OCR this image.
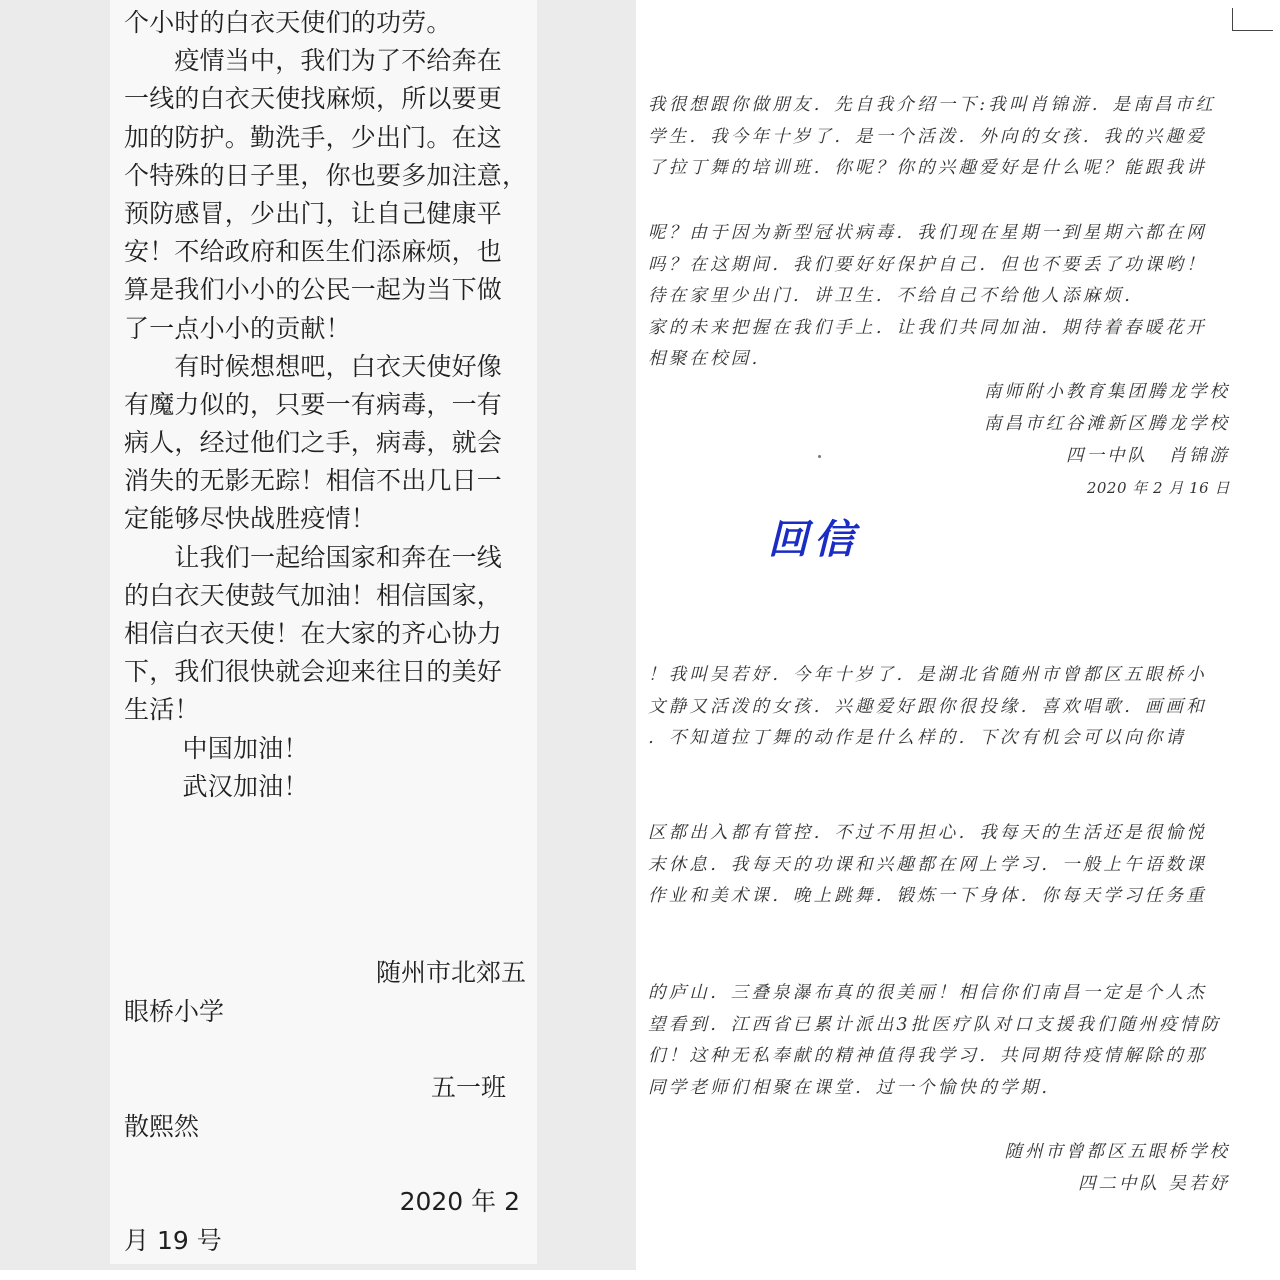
个小时的白衣天使们的功劳。
　　疫情当中，我们为了不给奔在
一线的白衣天使找麻烦，所以要更
加的防护。勤洗手，少出门。在这
个特殊的日子里，你也要多加注意，
预防感冒，少出门，让自己健康平
安！不给政府和医生们添麻烦，也
算是我们小小的公民一起为当下做
了一点小小的贡献！
　　有时候想想吧，白衣天使好像
有魔力似的，只要一有病毒，一有
病人，经过他们之手，病毒，就会
消失的无影无踪！相信不出几日一
定能够尽快战胜疫情！
　　让我们一起给国家和奔在一线
的白衣天使鼓气加油！相信国家，
相信白衣天使！在大家的齐心协力
下，我们很快就会迎来往日的美好
生活！
　　 中国加油！
　　 武汉加油！
随州市北郊五
眼桥小学
五一班
散熙然
2020 年 2
月 19 号
我很想跟你做朋友．先自我介绍一下:我叫肖锦游．是南昌市红
学生．我今年十岁了．是一个活泼．外向的女孩．我的兴趣爱
了拉丁舞的培训班．你呢？你的兴趣爱好是什么呢？能跟我讲
呢？由于因为新型冠状病毒．我们现在星期一到星期六都在网
吗？在这期间．我们要好好保护自己．但也不要丢了功课哟！
待在家里少出门．讲卫生．不给自己不给他人添麻烦．
家的未来把握在我们手上．让我们共同加油．期待着春暖花开
相聚在校园．
南师附小教育集团腾龙学校
南昌市红谷滩新区腾龙学校
四一中队　肖锦游
2020 年 2 月 16 日
回信
！我叫吴若妤．今年十岁了．是湖北省随州市曾都区五眼桥小
文静又活泼的女孩．兴趣爱好跟你很投缘．喜欢唱歌．画画和
．不知道拉丁舞的动作是什么样的．下次有机会可以向你请
区都出入都有管控．不过不用担心．我每天的生活还是很愉悦
末休息．我每天的功课和兴趣都在网上学习．一般上午语数课
作业和美术课．晚上跳舞．锻炼一下身体．你每天学习任务重
的庐山．三叠泉瀑布真的很美丽！相信你们南昌一定是个人杰
望看到．江西省已累计派出3批医疗队对口支援我们随州疫情防
们！这种无私奉献的精神值得我学习．共同期待疫情解除的那
同学老师们相聚在课堂．过一个愉快的学期．
随州市曾都区五眼桥学校
四二中队 吴若妤
